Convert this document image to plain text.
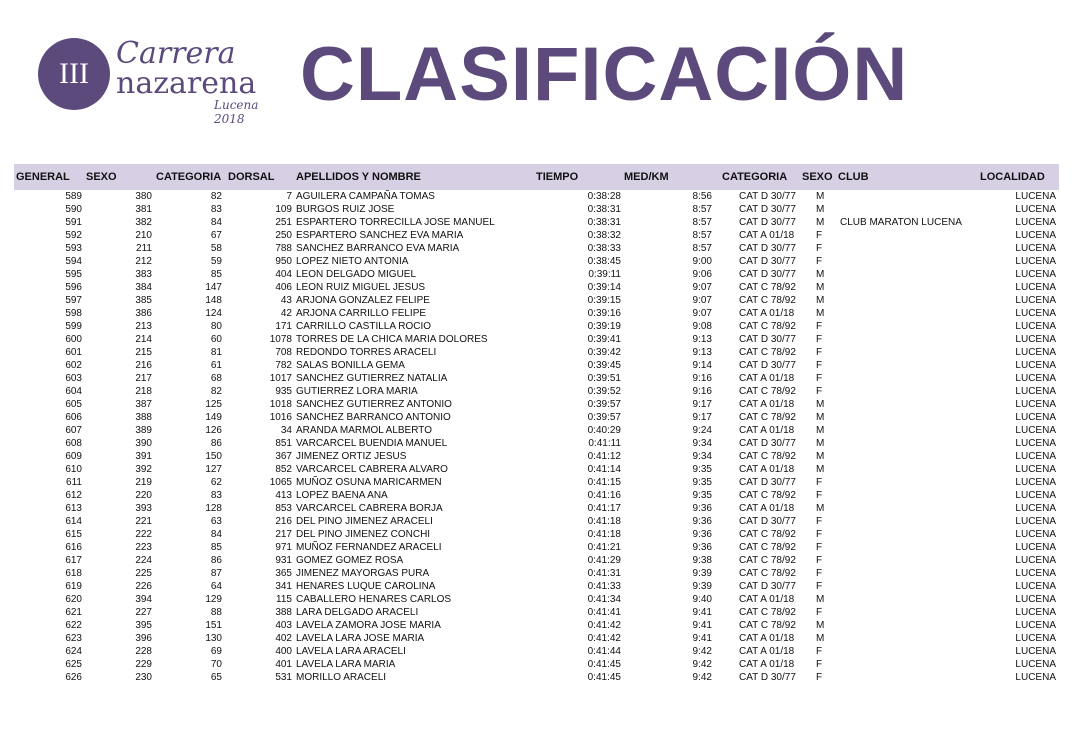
III
Carrera
nazarena
Lucena 2018
CLASIFICACIÓN
GENERAL SEXO	CATEGORIA DORSAL APELLIDOS Y NOMBRE	TIEMPO	MED/KM	CATEGORIA SEXO CLUB	LOCALIDAD
589	380	82	7 AGUILERA CAMPAÑA TOMAS	0:38:28	8:56	CAT D 30/77 M	LUCENA
590	381	83	109 BURGOS RUIZ JOSE	0:38:31	8:57	CAT D 30/77 M	LUCENA
591	382	84	251 ESPARTERO TORRECILLA JOSE MANUEL	0:38:31	8:57	CAT D 30/77 M CLUB MARATON LUCENA	LUCENA
592	210	67	250 ESPARTERO SANCHEZ EVA MARIA	0:38:32	8:57	CAT A 01/18 F	LUCENA
593	211	58	788 SANCHEZ BARRANCO EVA MARIA	0:38:33	8:57	CAT D 30/77 F	LUCENA
594	212	59	950 LOPEZ NIETO ANTONIA	0:38:45	9:00	CAT D 30/77 F	LUCENA
595	383	85	404 LEON DELGADO MIGUEL	0:39:11	9:06	CAT D 30/77 M	LUCENA
596	384	147	406 LEON RUIZ MIGUEL JESUS	0:39:14	9:07	CAT C 78/92 M	LUCENA
597	385	148	43 ARJONA GONZALEZ FELIPE	0:39:15	9:07	CAT C 78/92 M	LUCENA
598	386	124	42 ARJONA CARRILLO FELIPE	0:39:16	9:07	CAT A 01/18 M	LUCENA
599	213	80	171 CARRILLO CASTILLA ROCIO	0:39:19	9:08	CAT C 78/92 F	LUCENA
600	214	60	1078 TORRES DE LA CHICA MARIA DOLORES	0:39:41	9:13	CAT D 30/77 F	LUCENA
601	215	81	708 REDONDO TORRES ARACELI	0:39:42	9:13	CAT C 78/92 F	LUCENA
602	216	61	782 SALAS BONILLA GEMA	0:39:45	9:14	CAT D 30/77 F	LUCENA
603	217	68	1017 SANCHEZ GUTIERREZ NATALIA	0:39:51	9:16	CAT A 01/18 F	LUCENA
604	218	82	935 GUTIERREZ LORA MARIA	0:39:52	9:16	CAT C 78/92 F	LUCENA
605	387	125	1018 SANCHEZ GUTIERREZ ANTONIO	0:39:57	9:17	CAT A 01/18 M	LUCENA
606	388	149	1016 SANCHEZ BARRANCO ANTONIO	0:39:57	9:17	CAT C 78/92 M	LUCENA
607	389	126	34 ARANDA MARMOL ALBERTO	0:40:29	9:24	CAT A 01/18 M	LUCENA
608	390	86	851 VARCARCEL BUENDIA MANUEL	0:41:11	9:34	CAT D 30/77 M	LUCENA
609	391	150	367 JIMENEZ ORTIZ JESUS	0:41:12	9:34	CAT C 78/92 M	LUCENA
610	392	127	852 VARCARCEL CABRERA ALVARO	0:41:14	9:35	CAT A 01/18 M	LUCENA
611	219	62	1065 MUÑOZ OSUNA MARICARMEN	0:41:15	9:35	CAT D 30/77 F	LUCENA
612	220	83	413 LOPEZ BAENA ANA	0:41:16	9:35	CAT C 78/92 F	LUCENA
613	393	128	853 VARCARCEL CABRERA BORJA	0:41:17	9:36	CAT A 01/18 M	LUCENA
614	221	63	216 DEL PINO JIMENEZ ARACELI	0:41:18	9:36	CAT D 30/77 F	LUCENA
615	222	84	217 DEL PINO JIMENEZ CONCHI	0:41:18	9:36	CAT C 78/92 F	LUCENA
616	223	85	971 MUÑOZ FERNANDEZ ARACELI	0:41:21	9:36	CAT C 78/92 F	LUCENA
617	224	86	931 GOMEZ GOMEZ ROSA	0:41:29	9:38	CAT C 78/92 F	LUCENA
618	225	87	365 JIMENEZ MAYORGAS PURA	0:41:31	9:39	CAT C 78/92 F	LUCENA
619	226	64	341 HENARES LUQUE CAROLINA	0:41:33	9:39	CAT D 30/77 F	LUCENA
620	394	129	115 CABALLERO HENARES CARLOS	0:41:34	9:40	CAT A 01/18 M	LUCENA
621	227	88	388 LARA DELGADO ARACELI	0:41:41	9:41	CAT C 78/92 F	LUCENA
622	395	151	403 LAVELA ZAMORA JOSE MARIA	0:41:42	9:41	CAT C 78/92 M	LUCENA
623	396	130	402 LAVELA LARA JOSE MARIA	0:41:42	9:41	CAT A 01/18 M	LUCENA
624	228	69	400 LAVELA LARA ARACELI	0:41:44	9:42	CAT A 01/18 F	LUCENA
625	229	70	401 LAVELA LARA MARIA	0:41:45	9:42	CAT A 01/18 F	LUCENA
626	230	65	531 MORILLO ARACELI	0:41:45	9:42	CAT D 30/77 F	LUCENA
